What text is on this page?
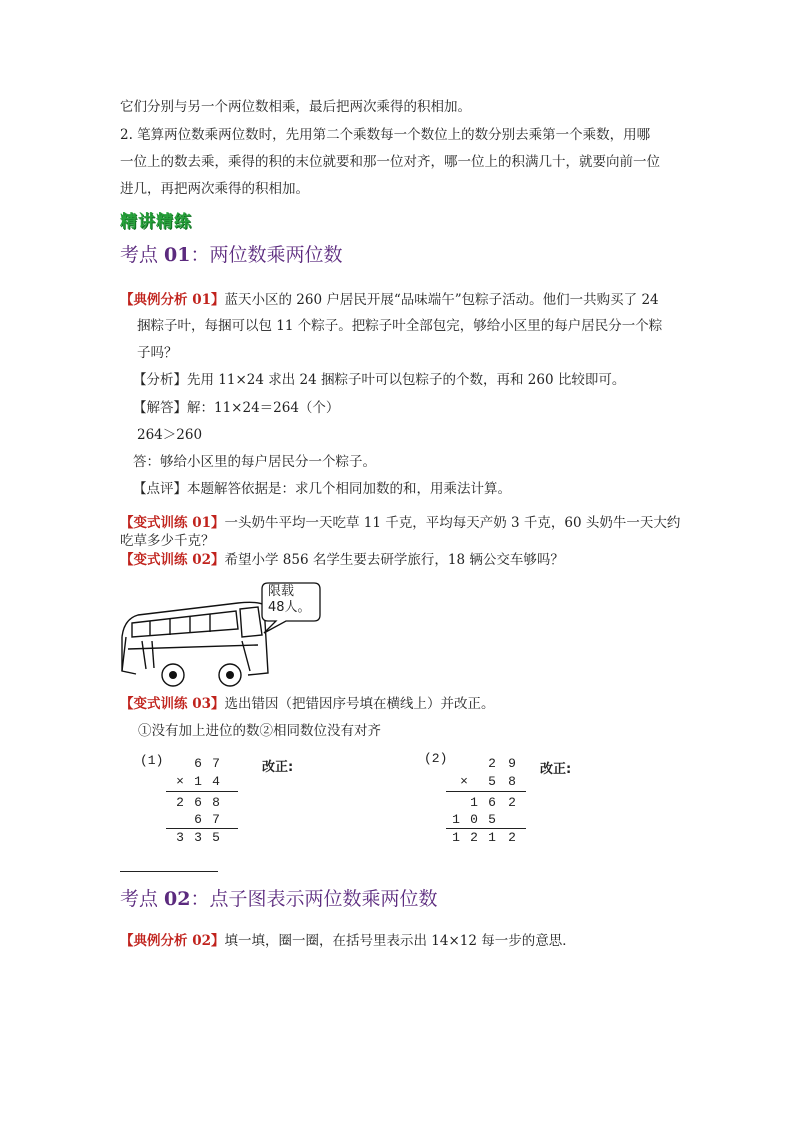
它们分别与另一个两位数相乘，最后把两次乘得的积相加。
2. 笔算两位数乘两位数时，先用第二个乘数每一个数位上的数分别去乘第一个乘数，用哪
一位上的数去乘，乘得的积的末位就要和那一位对齐，哪一位上的积满几十，就要向前一位
进几，再把两次乘得的积相加。
精讲精练
考点 01：两位数乘两位数
【典例分析 01】蓝天小区的 260 户居民开展“品味端午”包粽子活动。他们一共购买了 24
捆粽子叶，每捆可以包 11 个粽子。把粽子叶全部包完，够给小区里的每户居民分一个粽
子吗？
【分析】先用 11×24 求出 24 捆粽子叶可以包粽子的个数，再和 260 比较即可。
【解答】解：11×24＝264（个）
264＞260
答：够给小区里的每户居民分一个粽子。
【点评】本题解答依据是：求几个相同加数的和，用乘法计算。
【变式训练 01】一头奶牛平均一天吃草 11 千克，平均每天产奶 3 千克，60 头奶牛一天大约
吃草多少千克？
【变式训练 02】希望小学 856 名学生要去研学旅行，18 辆公交车够吗？
限载
48人。
【变式训练 03】选出错因（把错因序号填在横线上）并改正。
①没有加上进位的数②相同数位没有对齐
(1)	改正:
6 7
× 1 4
2 6 8
6 7
3 3 5
(2)
改正:
2 9
×	5 8
1 6 2
1 0 5
1 2 1 2
考点 02：点子图表示两位数乘两位数
【典例分析 02】填一填，圈一圈，在括号里表示出 14×12 每一步的意思．
